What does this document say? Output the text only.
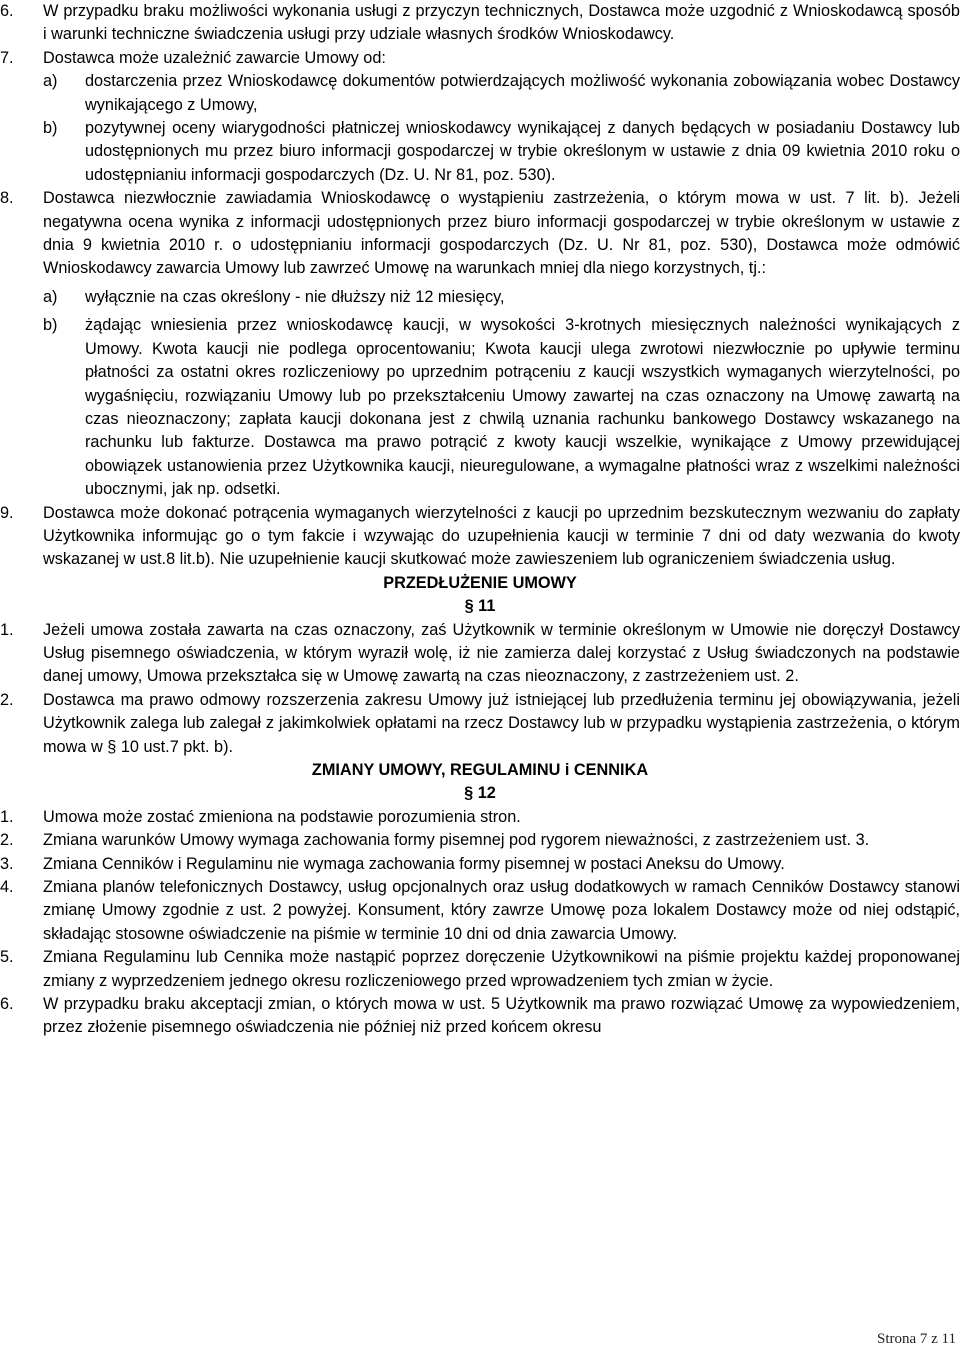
6.	W przypadku braku możliwości wykonania usługi z przyczyn technicznych, Dostawca może uzgodnić z Wnioskodawcą sposób i warunki techniczne świadczenia usługi przy udziale własnych środków Wnioskodawcy.
7.	Dostawca może uzależnić zawarcie Umowy od:
a)	dostarczenia przez Wnioskodawcę dokumentów potwierdzających możliwość wykonania zobowiązania wobec Dostawcy wynikającego z Umowy,
b)	pozytywnej oceny wiarygodności płatniczej wnioskodawcy wynikającej z danych będących w posiadaniu Dostawcy lub udostępnionych mu przez biuro informacji gospodarczej w trybie określonym w ustawie z dnia 09 kwietnia 2010 roku o udostępnianiu informacji gospodarczych (Dz. U. Nr 81, poz. 530).
8.	Dostawca niezwłocznie zawiadamia Wnioskodawcę o wystąpieniu zastrzeżenia, o którym mowa w ust. 7 lit. b). Jeżeli negatywna ocena wynika z informacji udostępnionych przez biuro informacji gospodarczej w trybie określonym w ustawie z dnia 9 kwietnia 2010 r. o udostępnianiu informacji gospodarczych (Dz. U. Nr 81, poz. 530), Dostawca może odmówić Wnioskodawcy zawarcia Umowy lub zawrzeć Umowę na warunkach mniej dla niego korzystnych, tj.:
a)	wyłącznie na czas określony - nie dłuższy niż 12 miesięcy,
b)	żądając wniesienia przez wnioskodawcę kaucji, w wysokości 3-krotnych miesięcznych należności wynikających z Umowy. Kwota kaucji nie podlega oprocentowaniu; Kwota kaucji ulega zwrotowi niezwłocznie po upływie terminu płatności za ostatni okres rozliczeniowy po uprzednim potrąceniu z kaucji wszystkich wymaganych wierzytelności, po wygaśnięciu, rozwiązaniu Umowy lub po przekształceniu Umowy zawartej na czas oznaczony na Umowę zawartą na czas nieoznaczony; zapłata kaucji dokonana jest z chwilą uznania rachunku bankowego Dostawcy wskazanego na rachunku lub fakturze. Dostawca ma prawo potrącić z kwoty kaucji wszelkie, wynikające z Umowy przewidującej obowiązek ustanowienia przez Użytkownika kaucji, nieuregulowane, a wymagalne płatności wraz z wszelkimi należności ubocznymi, jak np. odsetki.
9.	Dostawca może dokonać potrącenia wymaganych wierzytelności z kaucji po uprzednim bezskutecznym wezwaniu do zapłaty Użytkownika informując go o tym fakcie i wzywając do uzupełnienia kaucji w terminie 7 dni od daty wezwania do kwoty wskazanej w ust.8 lit.b). Nie uzupełnienie kaucji skutkować może zawieszeniem lub ograniczeniem świadczenia usług.
PRZEDŁUŻENIE UMOWY
§ 11
1.	Jeżeli umowa została zawarta na czas oznaczony, zaś Użytkownik w terminie określonym w Umowie nie doręczył Dostawcy Usług pisemnego oświadczenia, w którym wyraził wolę, iż nie zamierza dalej korzystać z Usług świadczonych na podstawie danej umowy, Umowa przekształca się w Umowę zawartą na czas nieoznaczony, z zastrzeżeniem ust. 2.
2.	Dostawca ma prawo odmowy rozszerzenia zakresu Umowy już istniejącej lub przedłużenia terminu jej obowiązywania, jeżeli Użytkownik zalega lub zalegał z jakimkolwiek opłatami na rzecz Dostawcy lub w przypadku wystąpienia zastrzeżenia, o którym mowa w § 10 ust.7 pkt. b).
ZMIANY UMOWY, REGULAMINU i CENNIKA
§ 12
1.	Umowa może zostać zmieniona na podstawie porozumienia stron.
2.	Zmiana warunków Umowy wymaga zachowania formy pisemnej pod rygorem nieważności, z zastrzeżeniem ust. 3.
3.	Zmiana Cenników i Regulaminu nie wymaga zachowania formy pisemnej w postaci Aneksu do Umowy.
4.	Zmiana planów telefonicznych Dostawcy, usług opcjonalnych oraz usług dodatkowych w ramach Cenników Dostawcy stanowi zmianę Umowy zgodnie z ust. 2 powyżej. Konsument, który zawrze Umowę poza lokalem Dostawcy może od niej odstąpić, składając stosowne oświadczenie na piśmie w terminie 10 dni od dnia zawarcia Umowy.
5.	Zmiana Regulaminu lub Cennika może nastąpić poprzez doręczenie Użytkownikowi na piśmie projektu każdej proponowanej zmiany z wyprzedzeniem jednego okresu rozliczeniowego przed wprowadzeniem tych zmian w życie.
6.	W przypadku braku akceptacji zmian, o których mowa w ust. 5 Użytkownik ma prawo rozwiązać Umowę za wypowiedzeniem, przez złożenie pisemnego oświadczenia nie później niż przed końcem okresu
Strona 7 z 11
